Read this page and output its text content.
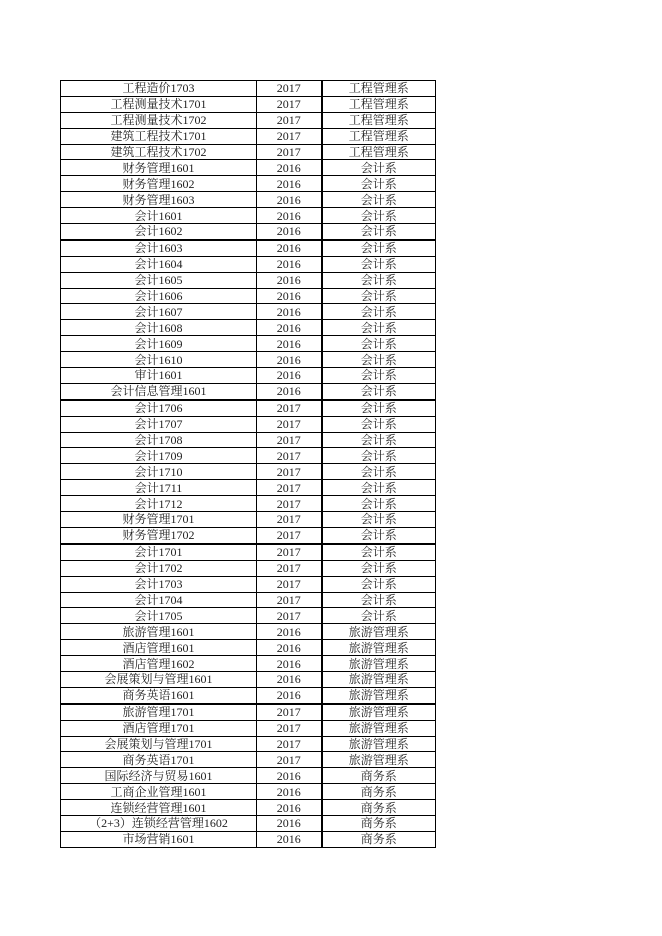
工程造价1703	2017	工程管理系
工程测量技术1701	2017	工程管理系
工程测量技术1702	2017	工程管理系
建筑工程技术1701	2017	工程管理系
建筑工程技术1702	2017	工程管理系
财务管理1601	2016	会计系
财务管理1602	2016	会计系
财务管理1603	2016	会计系
会计1601	2016	会计系
会计1602	2016	会计系
会计1603	2016	会计系
会计1604	2016	会计系
会计1605	2016	会计系
会计1606	2016	会计系
会计1607	2016	会计系
会计1608	2016	会计系
会计1609	2016	会计系
会计1610	2016	会计系
审计1601	2016	会计系
会计信息管理1601	2016	会计系
会计1706	2017	会计系
会计1707	2017	会计系
会计1708	2017	会计系
会计1709	2017	会计系
会计1710	2017	会计系
会计1711	2017	会计系
会计1712	2017	会计系
财务管理1701	2017	会计系
财务管理1702	2017	会计系
会计1701	2017	会计系
会计1702	2017	会计系
会计1703	2017	会计系
会计1704	2017	会计系
会计1705	2017	会计系
旅游管理1601	2016	旅游管理系
酒店管理1601	2016	旅游管理系
酒店管理1602	2016	旅游管理系
会展策划与管理1601	2016	旅游管理系
商务英语1601	2016	旅游管理系
旅游管理1701	2017	旅游管理系
酒店管理1701	2017	旅游管理系
会展策划与管理1701	2017	旅游管理系
商务英语1701	2017	旅游管理系
国际经济与贸易1601	2016	商务系
工商企业管理1601	2016	商务系
连锁经营管理1601	2016	商务系
（2+3）连锁经营管理1602	2016	商务系
市场营销1601	2016	商务系
